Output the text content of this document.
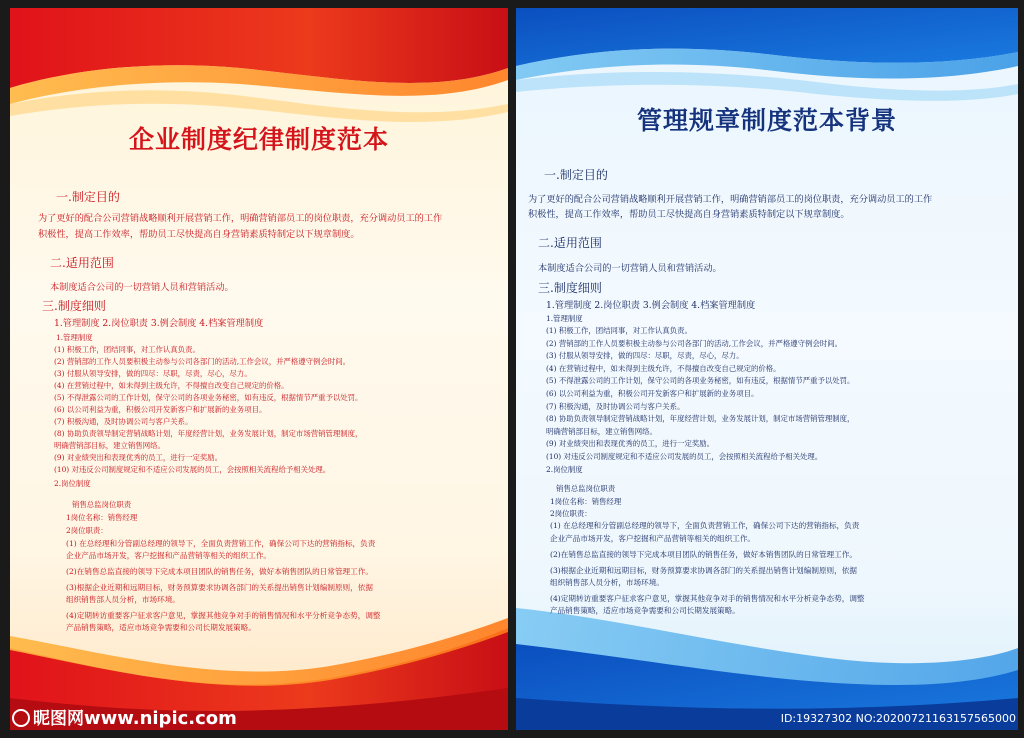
企业制度纪律制度范本

一.制定目的

为了更好的配合公司营销战略顺利开展营销工作，明确营销部员工的岗位职责，充分调动员工的工作

积极性，提高工作效率，帮助员工尽快提高自身营销素质特制定以下规章制度。

二.适用范围

本制度适合公司的一切营销人员和营销活动。

三.制度细则

1.管理制度 2.岗位职责 3.例会制度 4.档案管理制度

1.管理制度

(1) 积极工作，团结同事，对工作认真负责。

(2) 营销部的工作人员要积极主动参与公司各部门的活动,工作会议，并严格遵守例会时间。

(3) 付服从领导安排，做的四尽：尽职，尽责，尽心，尽力。

(4) 在营销过程中，如未得到主级允许，不得擅自改变自己规定的价格。

(5) 不得泄露公司的工作计划，保守公司的各项业务秘密，如有违反，根据情节严重予以处罚。

(6) 以公司利益为重，积极公司开发新客户和扩展新的业务项目。

(7) 积极沟通，及时协调公司与客户关系。

(8) 协助负责领导制定营销战略计划，年度经营计划，业务发展计划，制定市场营销管理制度，

明确营销部目标，建立销售网络。

(9) 对业绩突出和表现优秀的员工，进行一定奖励。

(10) 对违反公司制度规定和不适应公司发展的员工，会按照相关流程给予相关处理。

2.岗位制度

销售总监岗位职责

1岗位名称：销售经理

2岗位职责：

(1) 在总经理和分管副总经理的领导下，全面负责营销工作，确保公司下达的营销指标，负责

企业产品市场开发，客户挖掘和产品营销等相关的组织工作。

(2)在销售总监直接的领导下完成本项目团队的销售任务，做好本销售团队的日常管理工作。

(3)根据企业近期和远期目标，财务预算要求协调各部门的关系提出销售计划编制原则，依据

组织销售部人员分析，市场环境。

(4)定期转访重要客户征求客户意见，掌握其他竞争对手的销售情况和水平分析竞争态势，调整

产品销售策略，适应市场竞争需要和公司长期发展策略。

管理规章制度范本背景

一.制定目的

为了更好的配合公司营销战略顺利开展营销工作，明确营销部员工的岗位职责，充分调动员工的工作

积极性，提高工作效率，帮助员工尽快提高自身营销素质特制定以下规章制度。

二.适用范围

本制度适合公司的一切营销人员和营销活动。

三.制度细则

1.管理制度 2.岗位职责 3.例会制度 4.档案管理制度

1.管理制度

(1) 积极工作，团结同事，对工作认真负责。

(2) 营销部的工作人员要积极主动参与公司各部门的活动,工作会议，并严格遵守例会时间。

(3) 付服从领导安排，做的四尽：尽职，尽责，尽心，尽力。

(4) 在营销过程中，如未得到主级允许，不得擅自改变自己规定的价格。

(5) 不得泄露公司的工作计划，保守公司的各项业务秘密，如有违反，根据情节严重予以处罚。

(6) 以公司利益为重，积极公司开发新客户和扩展新的业务项目。

(7) 积极沟通，及时协调公司与客户关系。

(8) 协助负责领导制定营销战略计划，年度经营计划，业务发展计划，制定市场营销管理制度，

明确营销部目标，建立销售网络。

(9) 对业绩突出和表现优秀的员工，进行一定奖励。

(10) 对违反公司制度规定和不适应公司发展的员工，会按照相关流程给予相关处理。

2.岗位制度

销售总监岗位职责

1岗位名称：销售经理

2岗位职责：

(1) 在总经理和分管副总经理的领导下，全面负责营销工作，确保公司下达的营销指标，负责

企业产品市场开发，客户挖掘和产品营销等相关的组织工作。

(2)在销售总监直接的领导下完成本项目团队的销售任务，做好本销售团队的日常管理工作。

(3)根据企业近期和远期目标，财务预算要求协调各部门的关系提出销售计划编制原则，依据

组织销售部人员分析，市场环境。

(4)定期转访重要客户征求客户意见，掌握其他竞争对手的销售情况和水平分析竞争态势，调整

产品销售策略，适应市场竞争需要和公司长期发展策略。

昵图网 www.nipic.com	ID:19327302 NO:20200721163157565000
